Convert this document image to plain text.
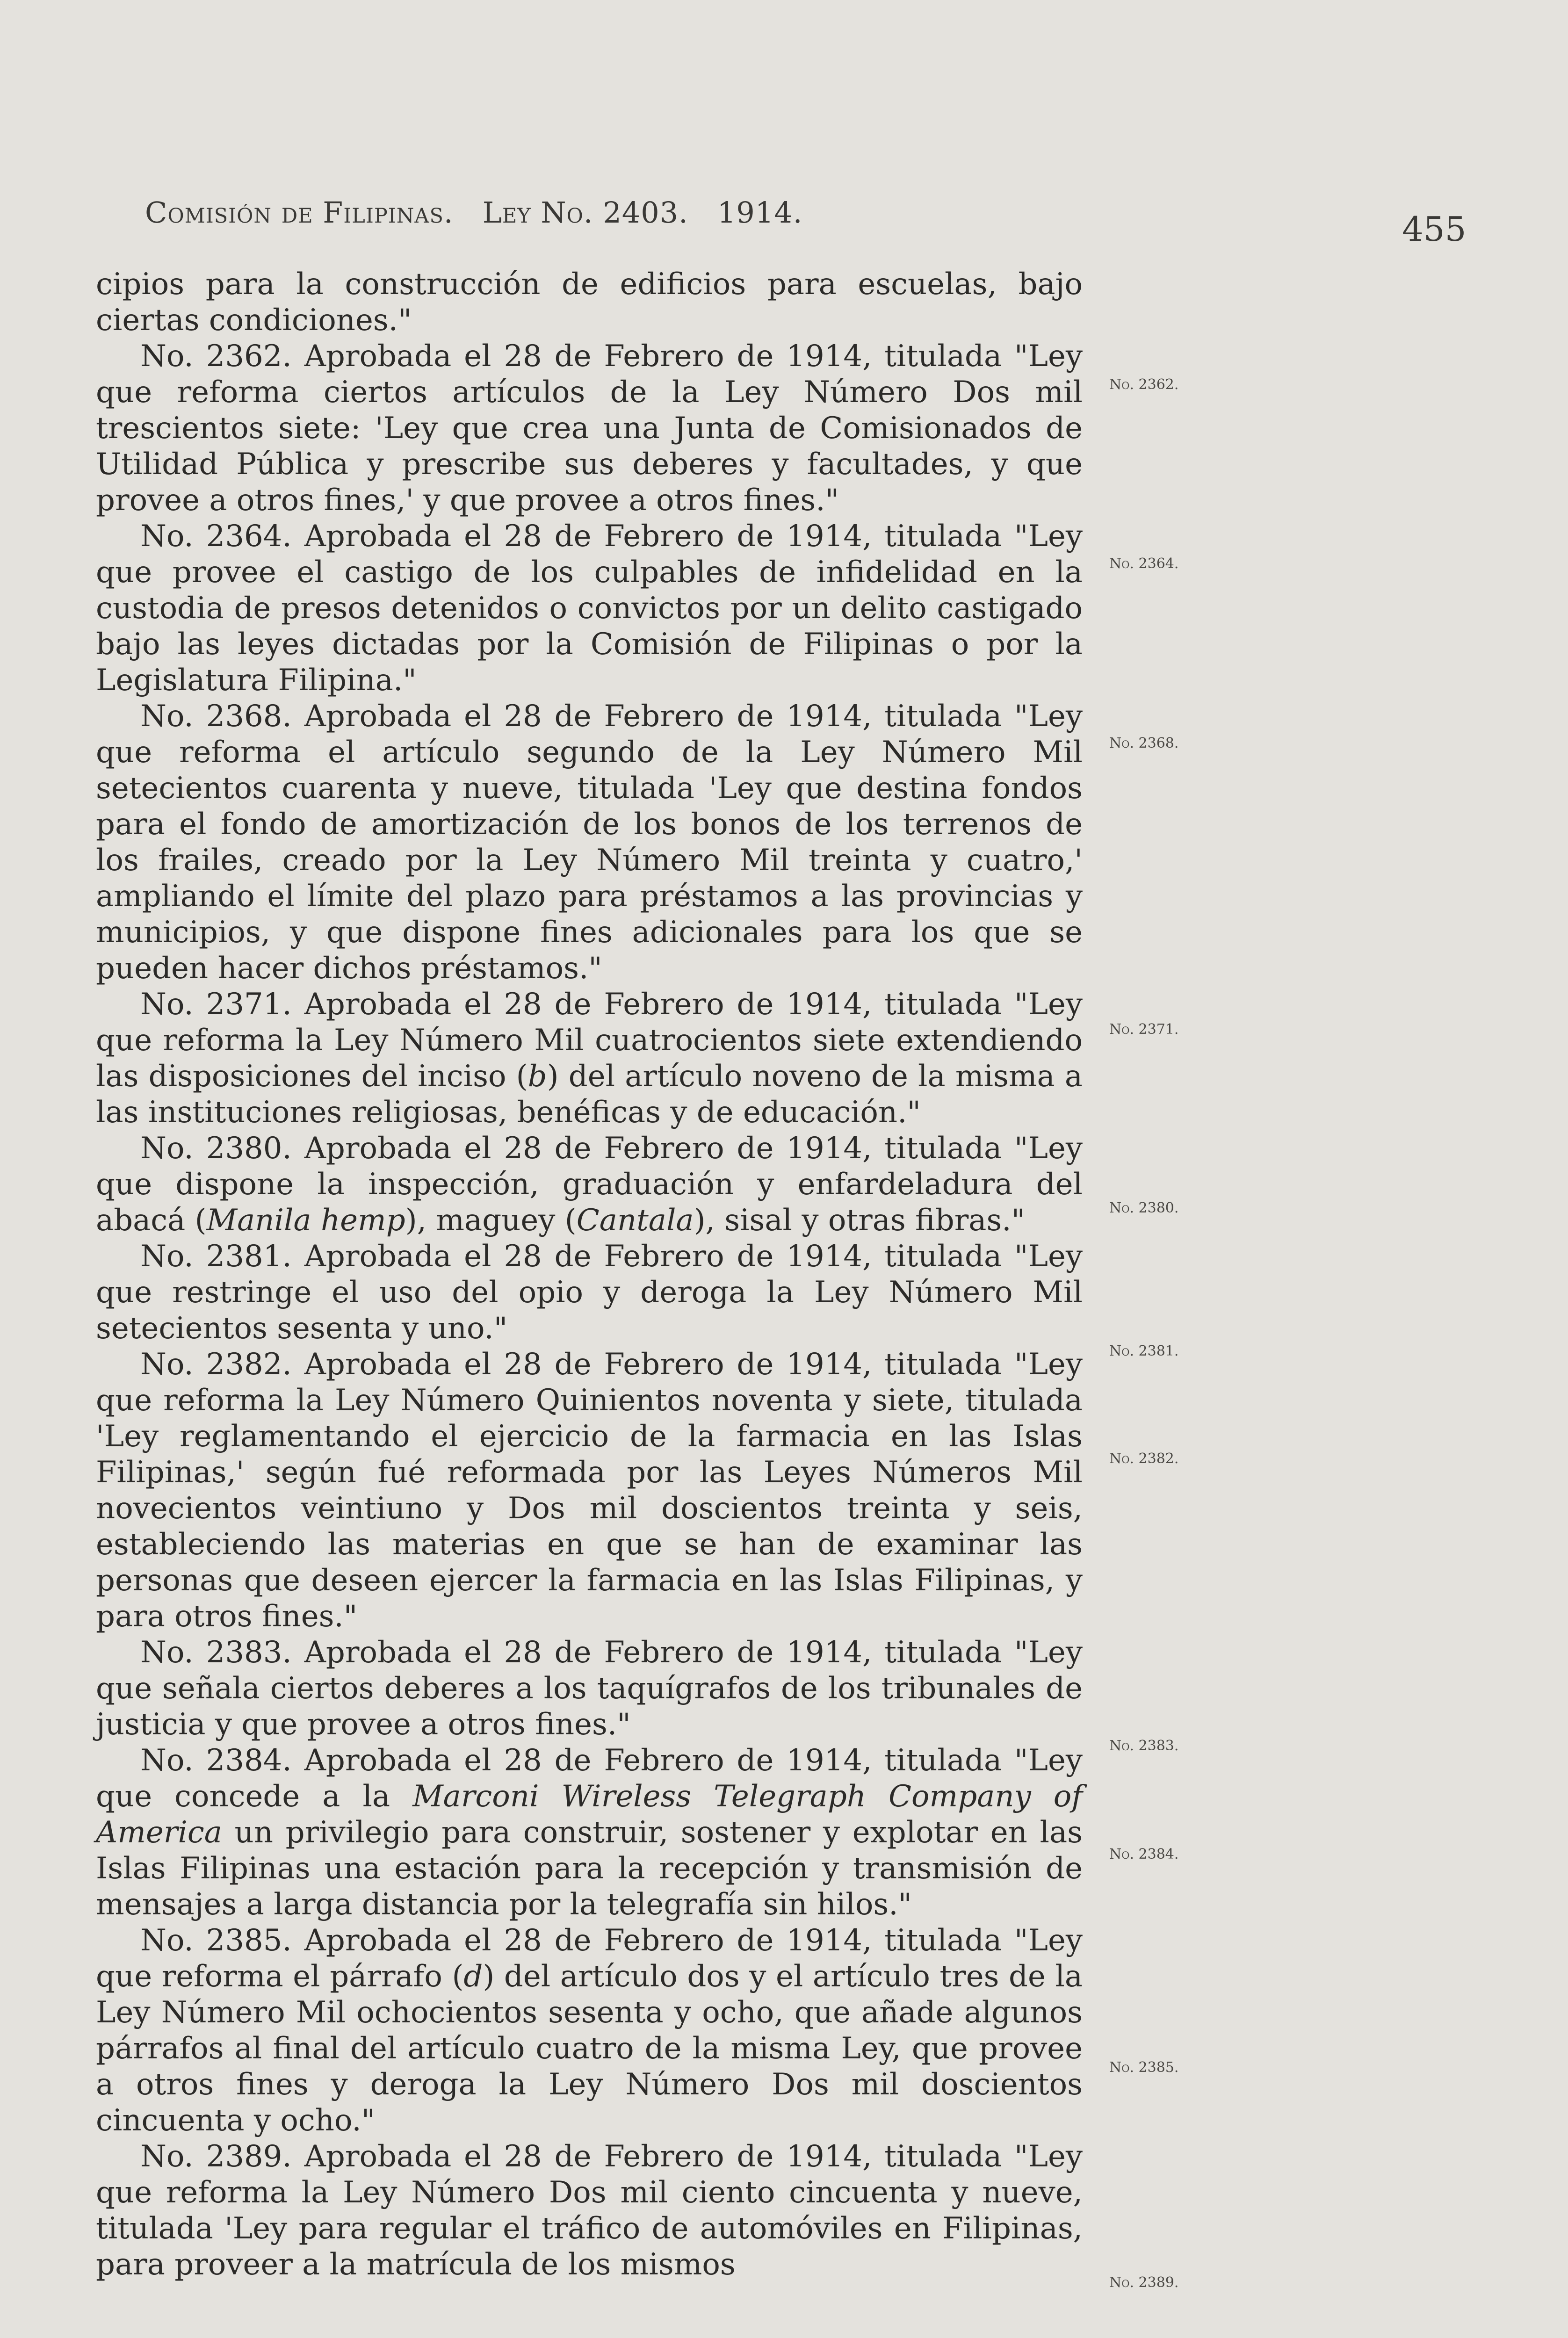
Comisión de Filipinas. Ley No. 2403. 1914.	455
No. 2362.
No. 2364.
No. 2368.
No. 2371.
No. 2380.
No. 2381.
No. 2382.
No. 2383.
No. 2384.
No. 2385.
No. 2389.

cipios para la construcción de edificios para escuelas, bajo ciertas condiciones."

No. 2362. Aprobada el 28 de Febrero de 1914, titulada "Ley que reforma ciertos artículos de la Ley Número Dos mil trescientos siete: 'Ley que crea una Junta de Comisionados de Utilidad Pública y prescribe sus deberes y facultades, y que provee a otros fines,' y que provee a otros fines."

No. 2364. Aprobada el 28 de Febrero de 1914, titulada "Ley que provee el castigo de los culpables de infidelidad en la custodia de presos detenidos o convictos por un delito castigado bajo las leyes dictadas por la Comisión de Filipinas o por la Legislatura Filipina."

No. 2368. Aprobada el 28 de Febrero de 1914, titulada "Ley que reforma el artículo segundo de la Ley Número Mil setecientos cuarenta y nueve, titulada 'Ley que destina fondos para el fondo de amortización de los bonos de los terrenos de los frailes, creado por la Ley Número Mil treinta y cuatro,' ampliando el límite del plazo para préstamos a las provincias y municipios, y que dispone fines adicionales para los que se pueden hacer dichos préstamos."

No. 2371. Aprobada el 28 de Febrero de 1914, titulada "Ley que reforma la Ley Número Mil cuatrocientos siete extendiendo las disposiciones del inciso (b) del artículo noveno de la misma a las instituciones religiosas, benéficas y de educación."

No. 2380. Aprobada el 28 de Febrero de 1914, titulada "Ley que dispone la inspección, graduación y enfardeladura del abacá (Manila hemp), maguey (Cantala), sisal y otras fibras."

No. 2381. Aprobada el 28 de Febrero de 1914, titulada "Ley que restringe el uso del opio y deroga la Ley Número Mil setecientos sesenta y uno."

No. 2382. Aprobada el 28 de Febrero de 1914, titulada "Ley que reforma la Ley Número Quinientos noventa y siete, titulada 'Ley reglamentando el ejercicio de la farmacia en las Islas Filipinas,' según fué reformada por las Leyes Números Mil novecientos veintiuno y Dos mil doscientos treinta y seis, estableciendo las materias en que se han de examinar las personas que deseen ejercer la farmacia en las Islas Filipinas, y para otros fines."

No. 2383. Aprobada el 28 de Febrero de 1914, titulada "Ley que señala ciertos deberes a los taquígrafos de los tribunales de justicia y que provee a otros fines."

No. 2384. Aprobada el 28 de Febrero de 1914, titulada "Ley que concede a la Marconi Wireless Telegraph Company of America un privilegio para construir, sostener y explotar en las Islas Filipinas una estación para la recepción y transmisión de mensajes a larga distancia por la telegrafía sin hilos."

No. 2385. Aprobada el 28 de Febrero de 1914, titulada "Ley que reforma el párrafo (d) del artículo dos y el artículo tres de la Ley Número Mil ochocientos sesenta y ocho, que añade algunos párrafos al final del artículo cuatro de la misma Ley, que provee a otros fines y deroga la Ley Número Dos mil doscientos cincuenta y ocho."

No. 2389. Aprobada el 28 de Febrero de 1914, titulada "Ley que reforma la Ley Número Dos mil ciento cincuenta y nueve, titulada 'Ley para regular el tráfico de automóviles en Filipinas, para proveer a la matrícula de los mismos
